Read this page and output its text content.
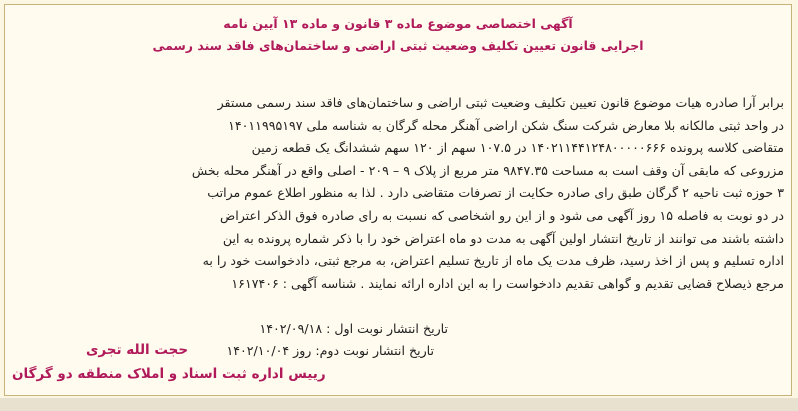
آگهی اختصاصی موضوع ماده ۳ قانون و ماده ۱۳ آیین نامه
اجرایی قانون تعیین تکلیف وضعیت ثبتی اراضی و ساختمان‌های فاقد سند رسمی
برابر آرا صادره هیات موضوع قانون تعیین تکلیف وضعیت ثبتی اراضی و ساختمان‌های فاقد سند رسمی مستقر
در واحد ثبتی مالکانه بلا معارض شرکت سنگ شکن اراضی آهنگر محله گرگان به شناسه ملی ۱۴۰۱۱۹۹۵۱۹۷
متقاضی کلاسه پرونده ۱۴۰۲۱۱۴۴۱۲۴۸۰۰۰۰۰۶۶۶ در ۱۰۷.۵ سهم از ۱۲۰ سهم ششدانگ یک قطعه زمین
مزروعی که مابقی آن وقف است به مساحت ۹۸۴۷.۳۵ متر مربع از پلاک ۹ – ۲۰۹ - اصلی واقع در آهنگر محله بخش
۳ حوزه ثبت ناحیه ۲ گرگان طبق رای صادره حکایت از تصرفات متقاضی دارد . لذا به منظور اطلاع عموم مراتب
در دو نوبت به فاصله ۱۵ روز آگهی می شود و از این رو اشخاصی که نسبت به رای صادره فوق الذکر اعتراض
داشته باشند می توانند از تاریخ انتشار اولین آگهی به مدت دو ماه اعتراض خود را با ذکر شماره پرونده به این
اداره تسلیم و پس از اخذ رسید، ظرف مدت یک ماه از تاریخ تسلیم اعتراض، به مرجع ثبتی، دادخواست خود را به
مرجع ذیصلاح قضایی تقدیم و گواهی تقدیم دادخواست را به این اداره ارائه نمایند . شناسه آگهی : ۱۶۱۷۴۰۶
تاریخ انتشار نوبت اول : ۱۴۰۲/۰۹/۱۸
تاریخ انتشار نوبت دوم: روز ۱۴۰۲/۱۰/۰۴
حجت الله تجری
رییس اداره ثبت اسناد و املاک منطقه دو گرگان
